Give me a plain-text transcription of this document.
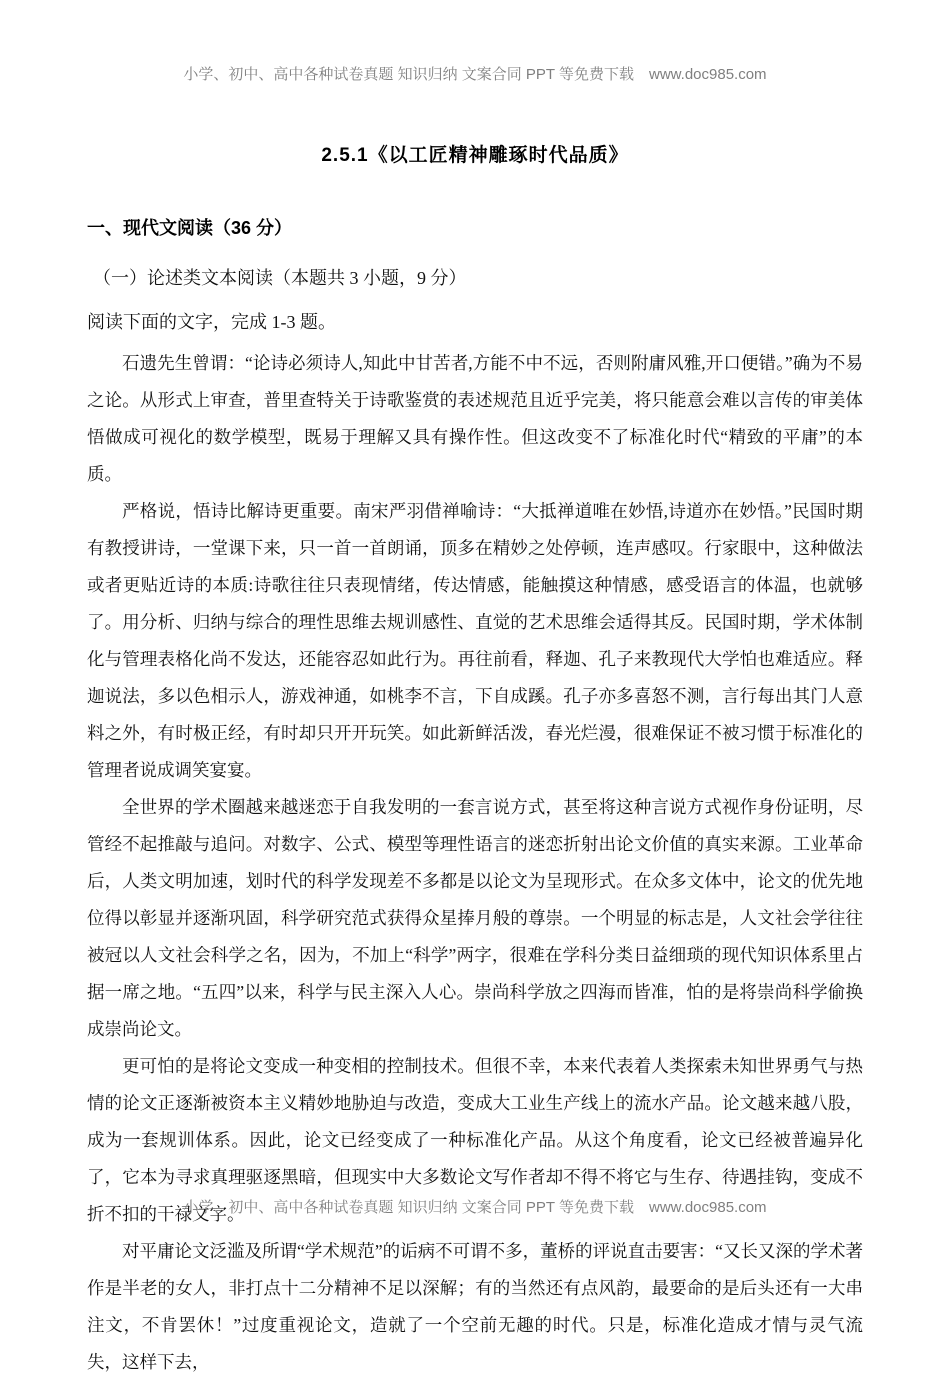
小学、初中、高中各种试卷真题 知识归纳 文案合同 PPT 等免费下载　www.doc985.com
2.5.1《以工匠精神雕琢时代品质》
一、现代文阅读（36 分）
（一）论述类文本阅读（本题共 3 小题，9 分）
阅读下面的文字，完成 1-3 题。

石遗先生曾谓：“论诗必须诗人,知此中甘苦者,方能不中不远，否则附庸风雅,开口便错。”确为不易之论。从形式上审查，普里查特关于诗歌鉴赏的表述规范且近乎完美，将只能意会难以言传的审美体悟做成可视化的数学模型，既易于理解又具有操作性。但这改变不了标准化时代“精致的平庸”的本质。

严格说，悟诗比解诗更重要。南宋严羽借禅喻诗：“大抵禅道唯在妙悟,诗道亦在妙悟。”民国时期有教授讲诗，一堂课下来，只一首一首朗诵，顶多在精妙之处停顿，连声感叹。行家眼中，这种做法或者更贴近诗的本质:诗歌往往只表现情绪，传达情感，能触摸这种情感，感受语言的体温，也就够了。用分析、归纳与综合的理性思维去规训感性、直觉的艺术思维会适得其反。民国时期，学术体制化与管理表格化尚不发达，还能容忍如此行为。再往前看，释迦、孔子来教现代大学怕也难适应。释迦说法，多以色相示人，游戏神通，如桃李不言，下自成蹊。孔子亦多喜怒不测，言行每出其门人意料之外，有时极正经，有时却只开开玩笑。如此新鲜活泼，春光烂漫，很难保证不被习惯于标准化的管理者说成调笑宴宴。

全世界的学术圈越来越迷恋于自我发明的一套言说方式，甚至将这种言说方式视作身份证明，尽管经不起推敲与追问。对数字、公式、模型等理性语言的迷恋折射出论文价值的真实来源。工业革命后，人类文明加速，划时代的科学发现差不多都是以论文为呈现形式。在众多文体中，论文的优先地位得以彰显并逐渐巩固，科学研究范式获得众星捧月般的尊崇。一个明显的标志是，人文社会学往往被冠以人文社会科学之名，因为，不加上“科学”两字，很难在学科分类日益细琐的现代知识体系里占据一席之地。“五四”以来，科学与民主深入人心。崇尚科学放之四海而皆准，怕的是将崇尚科学偷换成崇尚论文。

更可怕的是将论文变成一种变相的控制技术。但很不幸，本来代表着人类探索未知世界勇气与热情的论文正逐渐被资本主义精妙地胁迫与改造，变成大工业生产线上的流水产品。论文越来越八股，成为一套规训体系。因此，论文已经变成了一种标准化产品。从这个角度看，论文已经被普遍异化了，它本为寻求真理驱逐黑暗，但现实中大多数论文写作者却不得不将它与生存、待遇挂钩，变成不折不扣的干禄文字。

对平庸论文泛滥及所谓“学术规范”的诟病不可谓不多，董桥的评说直击要害：“又长又深的学术著作是半老的女人，非打点十二分精神不足以深解；有的当然还有点风韵，最要命的是后头还有一大串注文，不肯罢休！”过度重视论文，造就了一个空前无趣的时代。只是，标准化造成才情与灵气流失，这样下去，

小学、初中、高中各种试卷真题 知识归纳 文案合同 PPT 等免费下载　www.doc985.com
